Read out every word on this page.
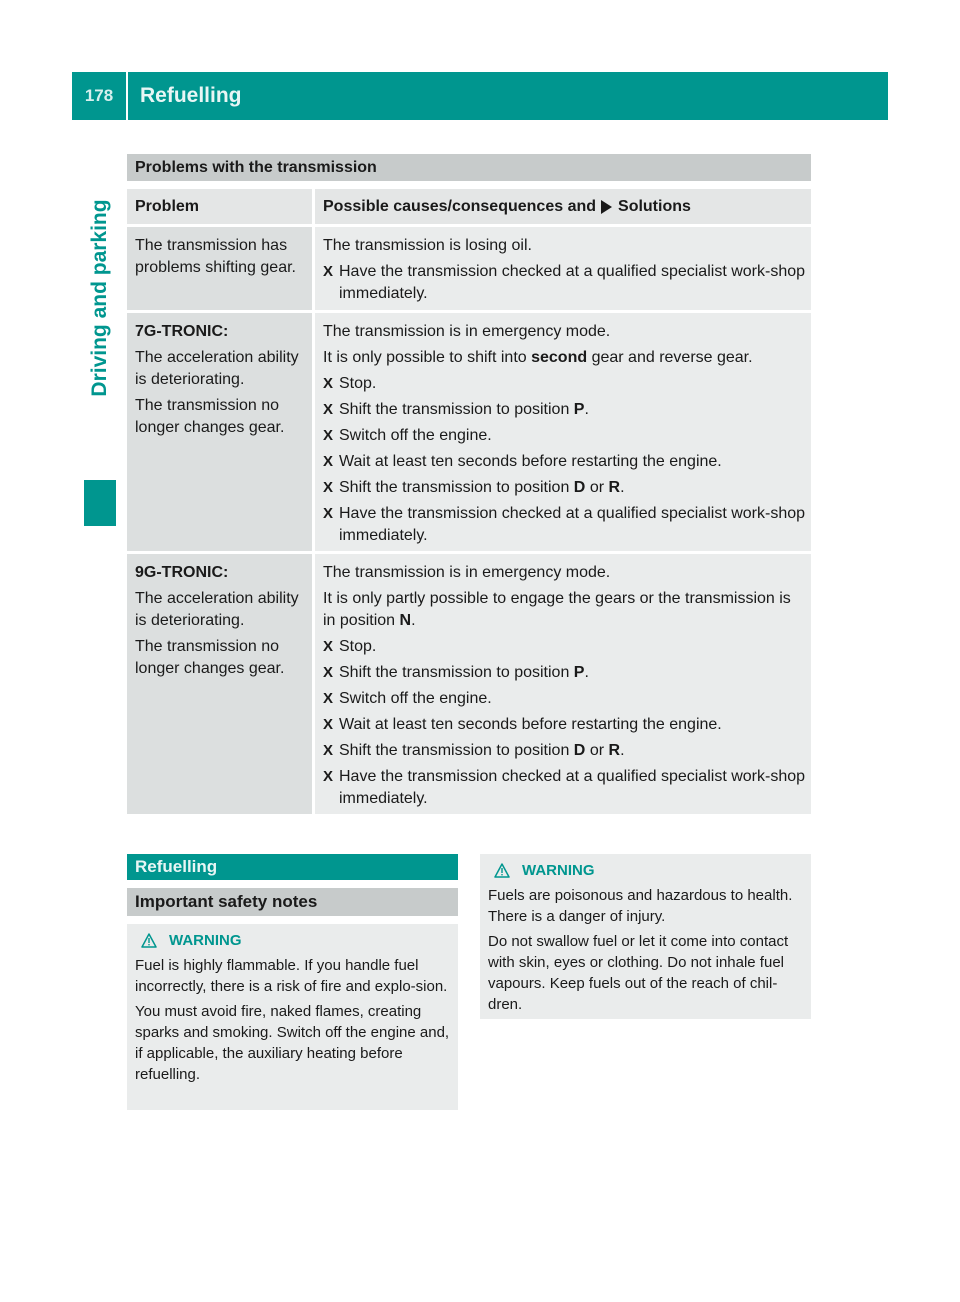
178	Refuelling
Driving and parking
Problems with the transmission
Problem	Possible causes/consequences and Solutions

The transmission has problems shifting gear.

The transmission is losing oil.

X Have the transmission checked at a qualified specialist work-shop immediately.

7G-TRONIC:

The acceleration ability is deteriorating.

The transmission no longer changes gear.

The transmission is in emergency mode.

It is only possible to shift into second gear and reverse gear.

X Stop.
X Shift the transmission to position P.
X Switch off the engine.
X Wait at least ten seconds before restarting the engine.
X Shift the transmission to position D or R.
X Have the transmission checked at a qualified specialist work-shop immediately.

9G-TRONIC:

The acceleration ability is deteriorating.

The transmission no longer changes gear.

The transmission is in emergency mode.

It is only partly possible to engage the gears or the transmission is in position N.

X Stop.
X Shift the transmission to position P.
X Switch off the engine.
X Wait at least ten seconds before restarting the engine.
X Shift the transmission to position D or R.
X Have the transmission checked at a qualified specialist work-shop immediately.
Refuelling
Important safety notes
WARNING

Fuel is highly flammable. If you handle fuel incorrectly, there is a risk of fire and explo-sion.

You must avoid fire, naked flames, creating sparks and smoking. Switch off the engine and, if applicable, the auxiliary heating before refuelling.

WARNING

Fuels are poisonous and hazardous to health. There is a danger of injury.

Do not swallow fuel or let it come into contact with skin, eyes or clothing. Do not inhale fuel vapours. Keep fuels out of the reach of chil-dren.
